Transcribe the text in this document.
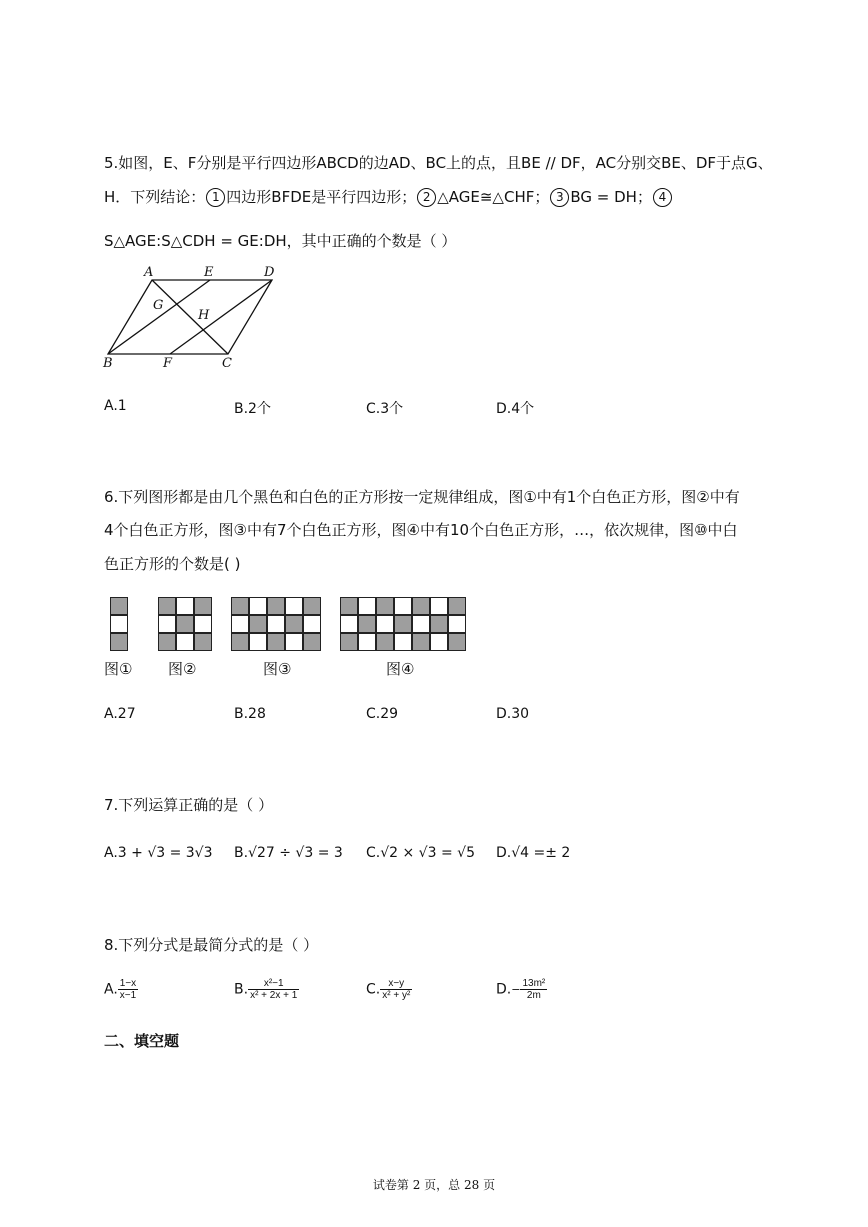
5.如图，E、F分别是平行四边形ABCD的边AD、BC上的点，且BE // DF，AC分别交BE、DF于点G、
H．下列结论： 1 四边形BFDE是平行四边形； 2 △AGE≅△CHF； 3 BG = DH； 4
S△AGE:S△CDH = GE:DH，其中正确的个数是（ ）
A	E	D
G
H
B	F	C
A.1	B.2个	C.3个	D.4个
6.下列图形都是由几个黑色和白色的正方形按一定规律组成，图①中有1个白色正方形，图②中有
4个白色正方形，图③中有7个白色正方形，图④中有10个白色正方形，…，依次规律，图⑩中白
色正方形的个数是( )
图① 图②	图③	图④
A.27	B.28	C.29	D.30
7.下列运算正确的是（ ）
A.3 + √3 = 3√3 B.√27 ÷ √3 = 3 C.√2 × √3 = √5 D.√4 =± 2
8.下列分式是最简分式的是（ ）
A. $\frac{1-x}{x-1}$	B. $\frac{\text{x²−1}}{\text{x² + 2x + 1}}$	C. $\frac{x-y}{\text{x² + y²}}$	$D.- \frac{\text{13m²}}{2m}$
二、填空题
试卷第 2 页，总 28 页
